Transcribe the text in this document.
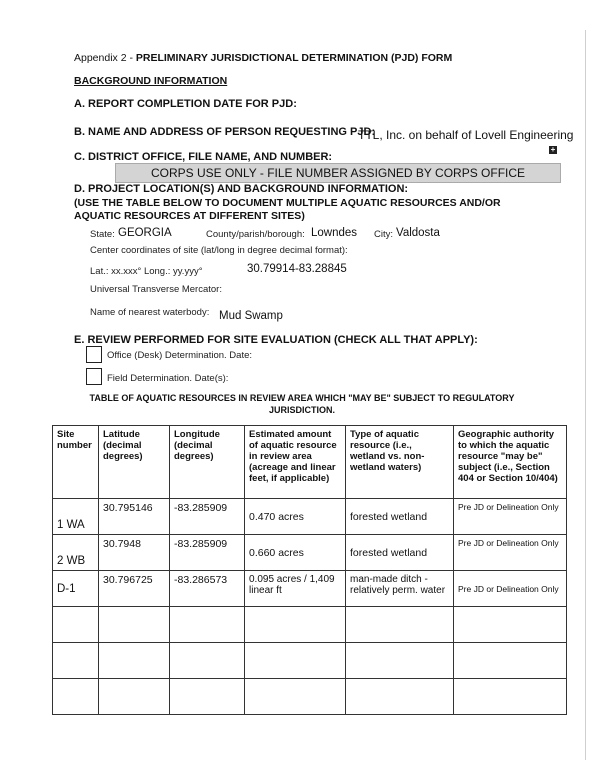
Appendix 2 - PRELIMINARY JURISDICTIONAL DETERMINATION (PJD) FORM
BACKGROUND INFORMATION
A. REPORT COMPLETION DATE FOR PJD:
B. NAME AND ADDRESS OF PERSON REQUESTING PJD:
TTL, Inc. on behalf of Lovell Engineering
C. DISTRICT OFFICE, FILE NAME, AND NUMBER:
+
CORPS USE ONLY - FILE NUMBER ASSIGNED BY CORPS OFFICE
D. PROJECT LOCATION(S) AND BACKGROUND INFORMATION:
(USE THE TABLE BELOW TO DOCUMENT MULTIPLE AQUATIC RESOURCES AND/OR
AQUATIC RESOURCES AT DIFFERENT SITES)
State: GEORGIA	County/parish/borough: Lowndes City: Valdosta
Center coordinates of site (lat/long in degree decimal format):
Lat.: xx.xxx° Long.: yy.yyy°	30.79914-83.28845
Universal Transverse Mercator:
Name of nearest waterbody: Mud Swamp
E. REVIEW PERFORMED FOR SITE EVALUATION (CHECK ALL THAT APPLY):
Office (Desk) Determination. Date:
Field Determination. Date(s):
TABLE OF AQUATIC RESOURCES IN REVIEW AREA WHICH "MAY BE" SUBJECT TO REGULATORY JURISDICTION.
Site number	Latitude (decimal degrees)	Longitude (decimal degrees)	Estimated amount of aquatic resource in review area (acreage and linear feet, if applicable)	Type of aquatic resource (i.e., wetland vs. non-wetland waters)	Geographic authority to which the aquatic resource "may be" subject (i.e., Section 404 or Section 10/404)
1 WA	30.795146	-83.285909	0.470 acres	forested wetland	Pre JD or Delineation Only
2 WB	30.7948	-83.285909	0.660 acres	forested wetland	Pre JD or Delineation Only
D-1	30.796725	-83.286573	0.095 acres / 1,409 linear ft	man-made ditch - relatively perm. water	Pre JD or Delineation Only
